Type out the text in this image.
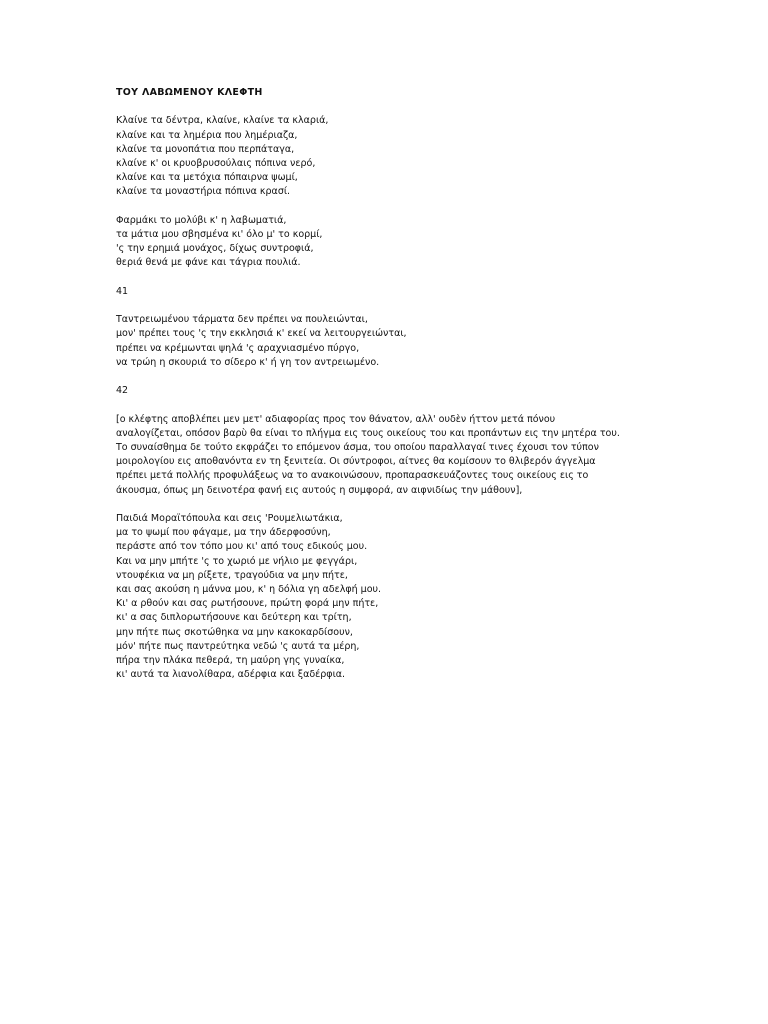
ΤΟΥ ΛΑΒΩΜΕΝΟΥ ΚΛΕΦΤΗ
Κλαίνε τα δέντρα, κλαίνε, κλαίνε τα κλαριά,
κλαίνε και τα λημέρια που λημέριαζα,
κλαίνε τα μονοπάτια που περπάταγα,
κλαίνε κ' οι κρυοβρυσούλαις πόπινα νερό,
κλαίνε και τα μετόχια πόπαιρνα ψωμί,
κλαίνε τα μοναστήρια πόπινα κρασί.
Φαρμάκι το μολύβι κ' η λαβωματιά,
τα μάτια μου σβησμένα κι' όλο μ' το κορμί,
'ς την ερημιά μονάχος, δίχως συντροφιά,
θεριά θενά με φάνε και τάγρια πουλιά.
41
Ταντρειωμένου τάρματα δεν πρέπει να πουλειώνται,
μον' πρέπει τους 'ς την εκκλησιά κ' εκεί να λειτουργειώνται,
πρέπει να κρέμωνται ψηλά 'ς αραχνιασμένο πύργο,
να τρώη η σκουριά το σίδερο κ' ή γη τον αντρειωμένο.
42
[ο κλέφτης αποβλέπει μεν μετ' αδιαφορίας προς τον θάνατον, αλλ' ουδὲν ήττον μετά πόνου
αναλογίζεται, οπόσον βαρὺ θα είναι το πλήγμα εις τους οικείους του και προπάντων εις την μητέρα του.
Το συναίσθημα δε τούτο εκφράζει το επόμενον άσμα, του οποίου παραλλαγαί τινες έχουσι τον τύπον
μοιρολογίου εις αποθανόντα εν τη ξενιτεία. Οι σύντροφοι, αίτνες θα κομίσουν το θλιβερόν άγγελμα
πρέπει μετά πολλής προφυλάξεως να το ανακοινώσουν, προπαρασκευάζοντες τους οικείους εις το
άκουσμα, όπως μη δεινοτέρα φανή εις αυτούς η συμφορά, αν αιφνιδίως την μάθουν],
Παιδιά Μοραϊτόπουλα και σεις 'Ρουμελιωτάκια,
μα το ψωμί που φάγαμε, μα την άδερφοσύνη,
περάστε από τον τόπο μου κι' από τους εδικούς μου.
Και να μην μπήτε 'ς το χωριό με νήλιο με φεγγάρι,
ντουφέκια να μη ρίξετε, τραγούδια να μην πήτε,
και σας ακούση η μάννα μου, κ' η δόλια γη αδελφή μου.
Κι' α ρθούν και σας ρωτήσουνε, πρώτη φορά μην πήτε,
κι' α σας διπλορωτήσουνε και δεύτερη και τρίτη,
μην πήτε πως σκοτώθηκα να μην κακοκαρδίσουν,
μόν' πήτε πως παντρεύτηκα νεδώ 'ς αυτά τα μέρη,
πήρα την πλάκα πεθερά, τη μαύρη γης γυναίκα,
κι' αυτά τα λιανολίθαρα, αδέρφια και ξαδέρφια.
